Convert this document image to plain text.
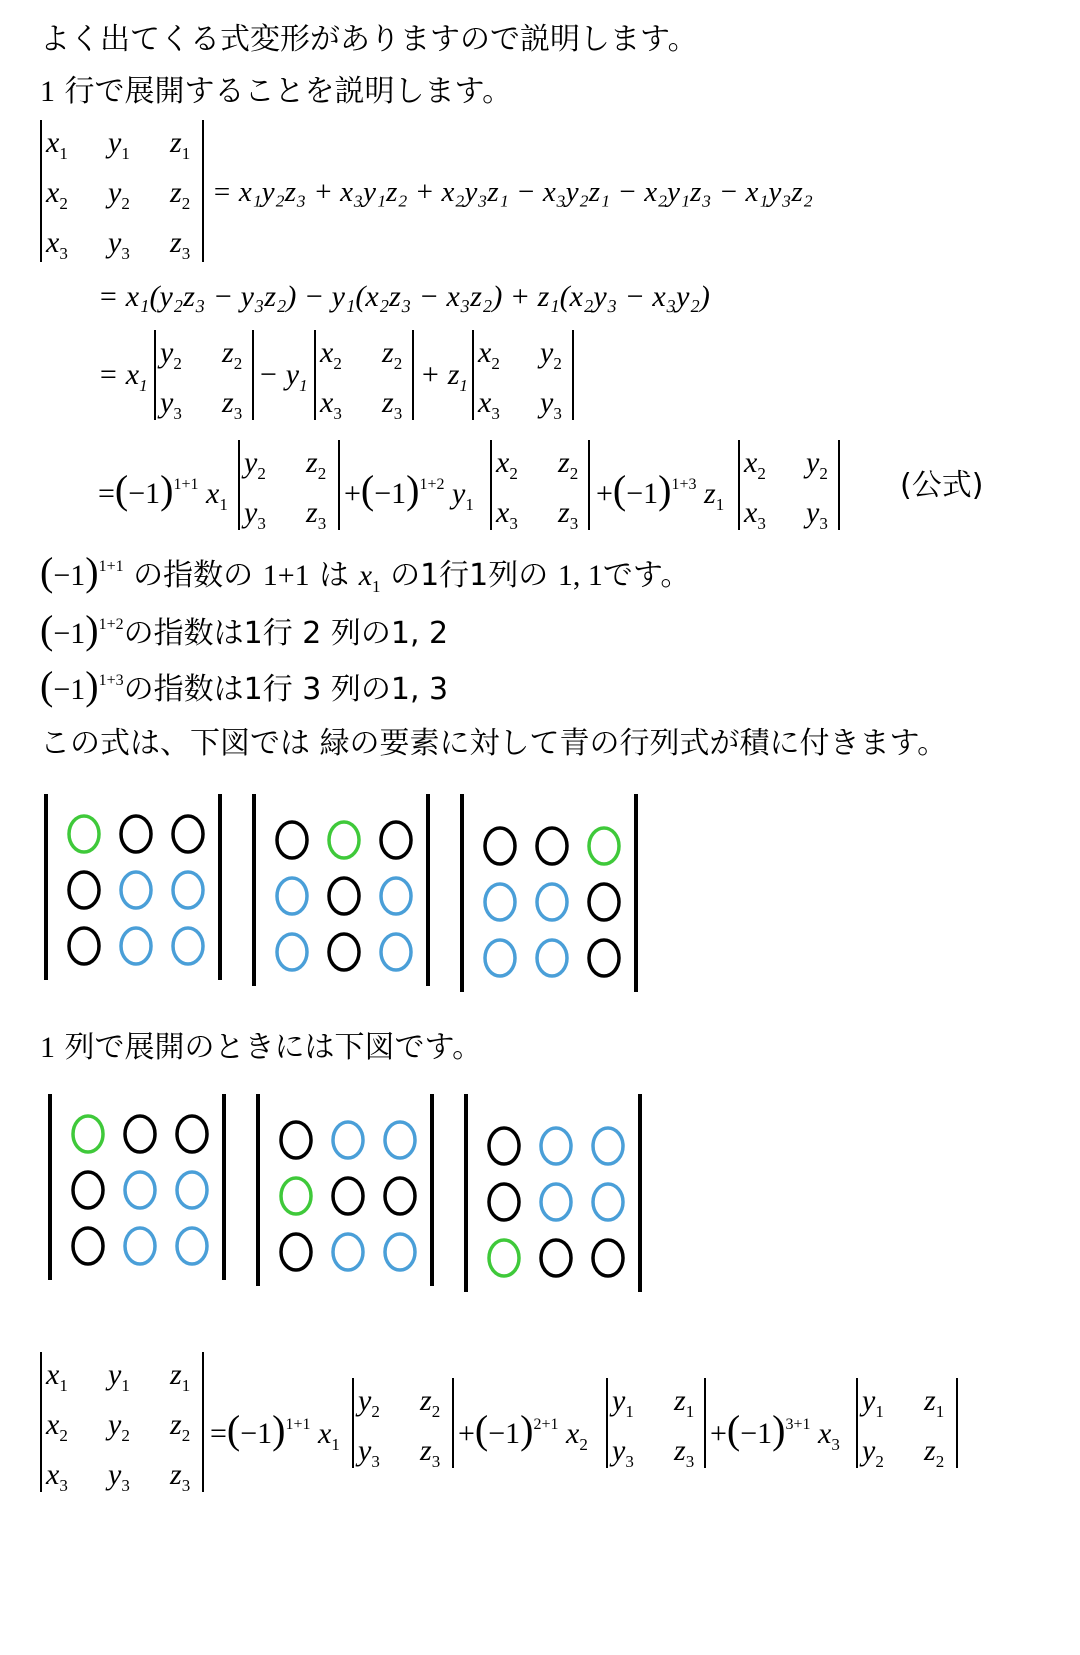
よく出てくる式変形がありますので説明します。
1 行で展開することを説明します。
$x_1$ $y_1$ $z_1$
$x_2$ $y_2$ $z_2$
$x_3$ $y_3$ $z_3$
= x₁y₂z₃ + x₃y₁z₂ + x₂y₃z₁ − x₃y₂z₁ − x₂y₁z₃ − x₁y₃z₂
= x₁(y₂z₃ − y₃z₂) − y₁(x₂z₃ − x₃z₂) + z₁(x₂y₃ − x₃y₂)
= $x_1$
$y_2$ $z_2$
$y_3$ $z_3$
− $y_1$
$x_2$ $z_2$
$x_3$ $z_3$
+ $z_1$
$x_2$ $y_2$
$x_3$ $y_3$
$=(-1)^{1+1}$ $x_1$
$y_2$ $z_2$
$y_3$ $z_3$
$+(-1)^{1+2}$ $y_1$
$x_2$ $z_2$
$x_3$ $z_3$
$+(-1)^{1+3}$ $z_1$
$x_2$ $y_2$
$x_3$ $y_3$
(公式)
$(-1)^{1+1}$ の指数の 1+1 は $x_1$ の1行1列の 1, 1です。
$(-1)^{1+2}$の指数は1行 2 列の1, 2
$(-1)^{1+3}$の指数は1行 3 列の1, 3
この式は、下図では 緑の要素に対して青の行列式が積に付きます。
1 列で展開のときには下図です。
$x_1$ $y_1$ $z_1$
$x_2$ $y_2$ $z_2$
$x_3$ $y_3$ $z_3$
$=(-1)^{1+1}$ $x_1$
$y_2$ $z_2$
$y_3$ $z_3$
$+(-1)^{2+1}$ $x_2$
$y_1$ $z_1$
$y_3$ $z_3$
$+(-1)^{3+1}$ $x_3$
$y_1$ $z_1$
$y_2$ $z_2$
